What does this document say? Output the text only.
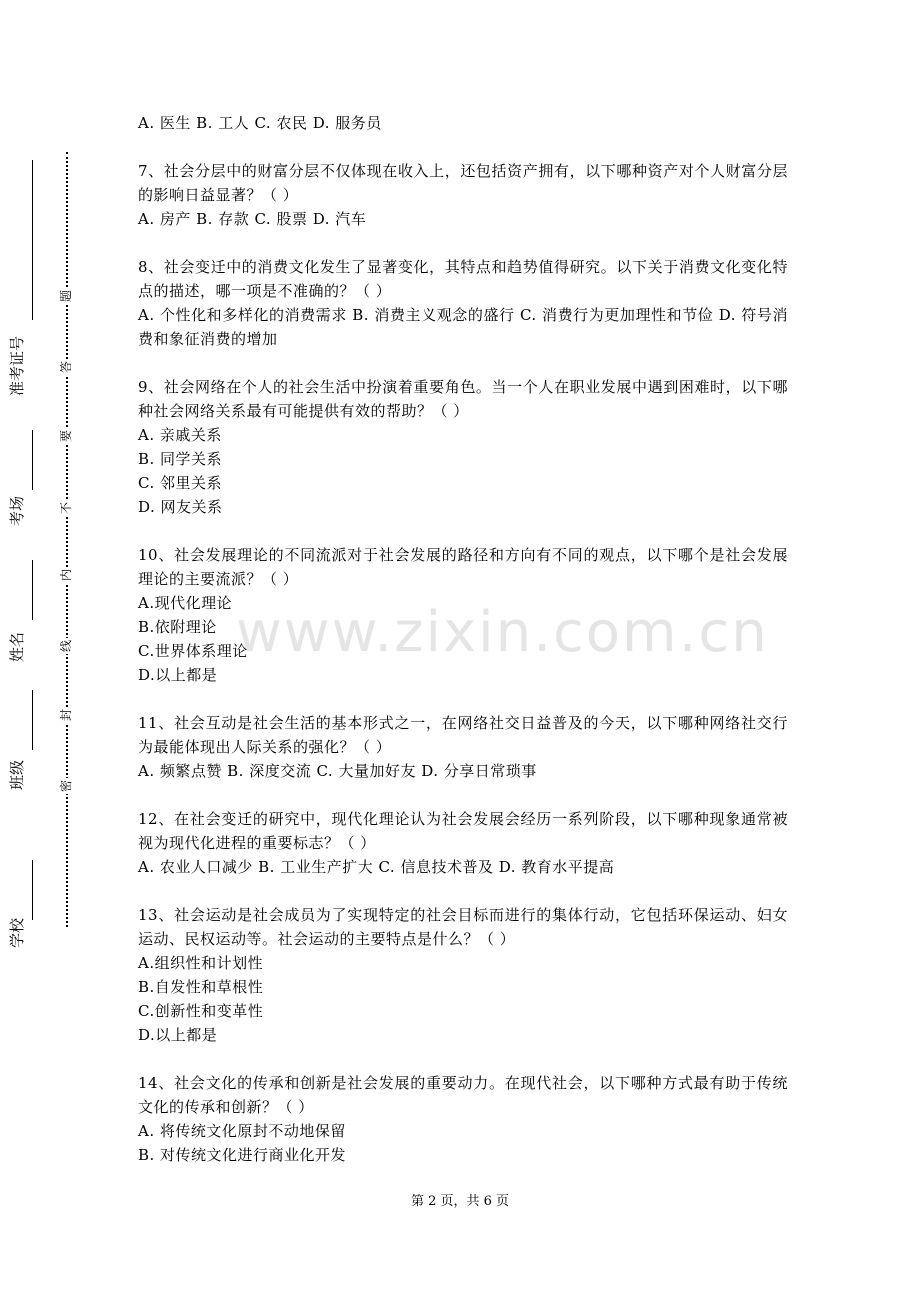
学校
班级
姓名
考场
准考证号
密
封
线
内
不
要
答
题
www.zixin.com.cn
A. 医生 B. 工人 C. 农民 D. 服务员
7、社会分层中的财富分层不仅体现在收入上，还包括资产拥有，以下哪种资产对个人财富分层的影响日益显著？（ ）
A. 房产 B. 存款 C. 股票 D. 汽车
8、社会变迁中的消费文化发生了显著变化，其特点和趋势值得研究。以下关于消费文化变化特点的描述，哪一项是不准确的？（ ）
A. 个性化和多样化的消费需求 B. 消费主义观念的盛行 C. 消费行为更加理性和节俭 D. 符号消费和象征消费的增加
9、社会网络在个人的社会生活中扮演着重要角色。当一个人在职业发展中遇到困难时，以下哪种社会网络关系最有可能提供有效的帮助？（ ）
A. 亲戚关系
B. 同学关系
C. 邻里关系
D. 网友关系
10、社会发展理论的不同流派对于社会发展的路径和方向有不同的观点，以下哪个是社会发展理论的主要流派？（ ）
A.现代化理论
B.依附理论
C.世界体系理论
D.以上都是
11、社会互动是社会生活的基本形式之一，在网络社交日益普及的今天，以下哪种网络社交行为最能体现出人际关系的强化？（ ）
A. 频繁点赞 B. 深度交流 C. 大量加好友 D. 分享日常琐事
12、在社会变迁的研究中，现代化理论认为社会发展会经历一系列阶段，以下哪种现象通常被视为现代化进程的重要标志？（ ）
A. 农业人口减少 B. 工业生产扩大 C. 信息技术普及 D. 教育水平提高
13、社会运动是社会成员为了实现特定的社会目标而进行的集体行动，它包括环保运动、妇女运动、民权运动等。社会运动的主要特点是什么？（ ）
A.组织性和计划性
B.自发性和草根性
C.创新性和变革性
D.以上都是
14、社会文化的传承和创新是社会发展的重要动力。在现代社会，以下哪种方式最有助于传统文化的传承和创新？（ ）
A. 将传统文化原封不动地保留
B. 对传统文化进行商业化开发
第 2 页，共 6 页
